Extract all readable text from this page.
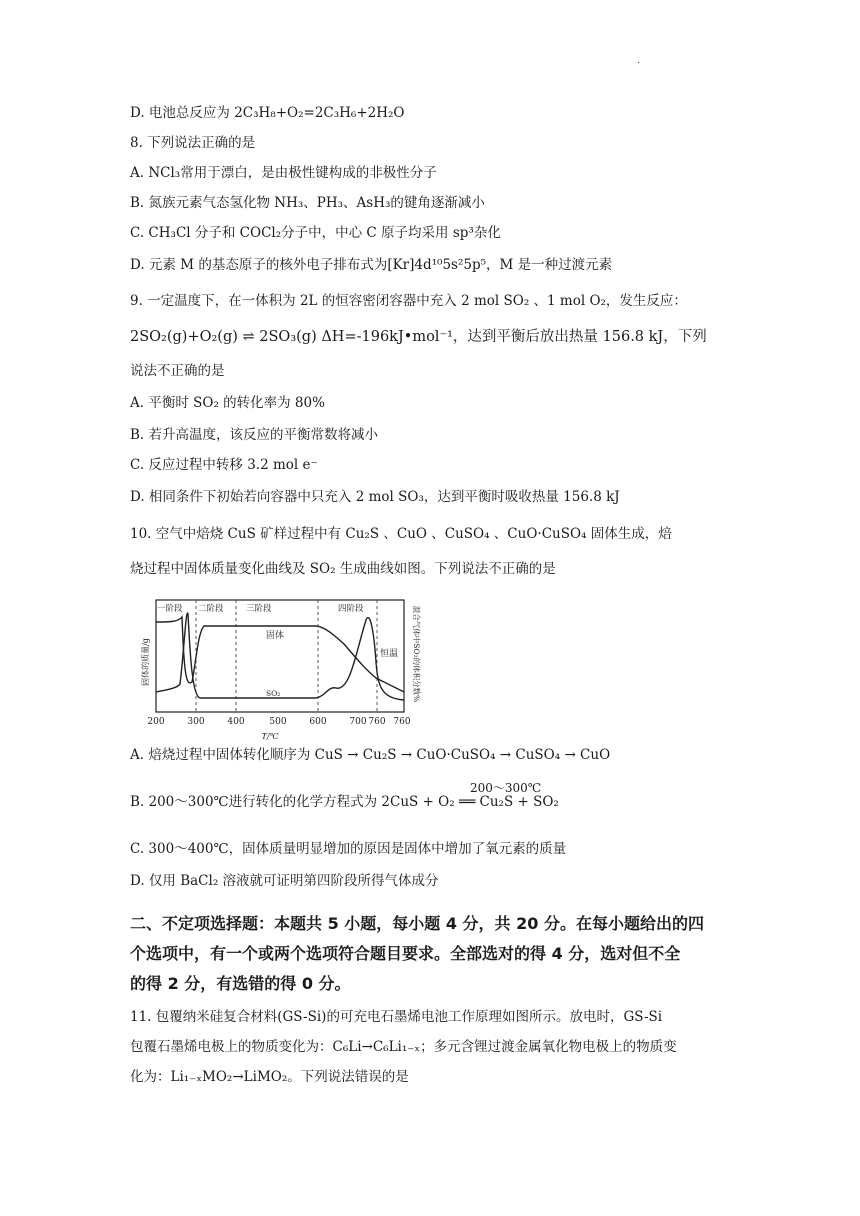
·
D. 电池总反应为 2C₃H₈+O₂=2C₃H₆+2H₂O
8. 下列说法正确的是
A. NCl₃常用于漂白，是由极性键构成的非极性分子
B. 氮族元素气态氢化物 NH₃、PH₃、AsH₃的键角逐渐减小
C. CH₃Cl 分子和 COCl₂分子中，中心 C 原子均采用 sp³杂化
D. 元素 M 的基态原子的核外电子排布式为[Kr]4d¹⁰5s²5p⁵，M 是一种过渡元素
9. 一定温度下，在一体积为 2L 的恒容密闭容器中充入 2 mol SO₂ 、1 mol O₂，发生反应：
2SO₂(g)+O₂(g) ⇌ 2SO₃(g) ΔH=-196kJ•mol⁻¹，达到平衡后放出热量 156.8 kJ，下列
说法不正确的是
A. 平衡时 SO₂ 的转化率为 80%
B. 若升高温度，该反应的平衡常数将减小
C. 反应过程中转移 3.2 mol e⁻
D. 相同条件下初始若向容器中只充入 2 mol SO₃，达到平衡时吸收热量 156.8 kJ
10. 空气中焙烧 CuS 矿样过程中有 Cu₂S 、CuO 、CuSO₄ 、CuO·CuSO₄ 固体生成，焙
烧过程中固体质量变化曲线及 SO₂ 生成曲线如图。下列说法不正确的是
一阶段 二阶段	三阶段	四阶段
固体
SO₂
恒温
固体的质量/g	混合气体中SO₂的体积分数%
200	300	400	500	600	700 760 760
T/℃
A. 焙烧过程中固体转化顺序为 CuS → Cu₂S → CuO·CuSO₄ → CuSO₄ → CuO
B. 200～300℃进行转化的化学方程式为 2CuS + O₂ ══ Cu₂S + SO₂
200～300℃
C. 300～400℃，固体质量明显增加的原因是固体中增加了氧元素的质量
D. 仅用 BaCl₂ 溶液就可证明第四阶段所得气体成分
二、不定项选择题：本题共 5 小题，每小题 4 分，共 20 分。在每小题给出的四
个选项中，有一个或两个选项符合题目要求。全部选对的得 4 分，选对但不全
的得 2 分，有选错的得 0 分。
11. 包覆纳米硅复合材料(GS-Si)的可充电石墨烯电池工作原理如图所示。放电时，GS-Si
包覆石墨烯电极上的物质变化为：C₆Li→C₆Li₁₋ₓ；多元含锂过渡金属氧化物电极上的物质变
化为：Li₁₋ₓMO₂→LiMO₂。下列说法错误的是
